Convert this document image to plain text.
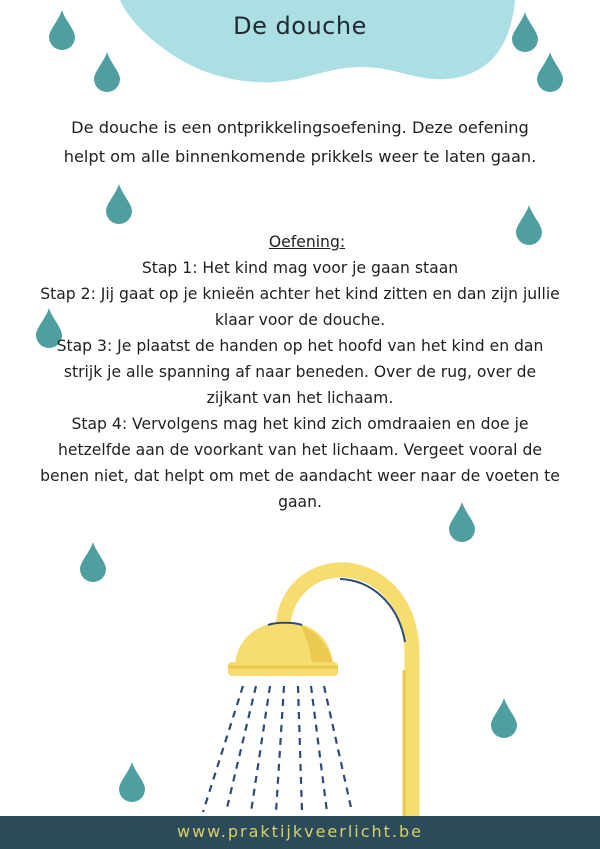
De douche
De douche is een ontprikkelingsoefening. Deze oefening helpt om alle binnenkomende prikkels weer te laten gaan.
Oefening:
Stap 1: Het kind mag voor je gaan staan
Stap 2: Jij gaat op je knieën achter het kind zitten en dan zijn jullie klaar voor de douche.
Stap 3: Je plaatst de handen op het hoofd van het kind en dan strijk je alle spanning af naar beneden. Over de rug, over de zijkant van het lichaam.
Stap 4: Vervolgens mag het kind zich omdraaien en doe je hetzelfde aan de voorkant van het lichaam. Vergeet vooral de benen niet, dat helpt om met de aandacht weer naar de voeten te gaan.
www.praktijkveerlicht.be
